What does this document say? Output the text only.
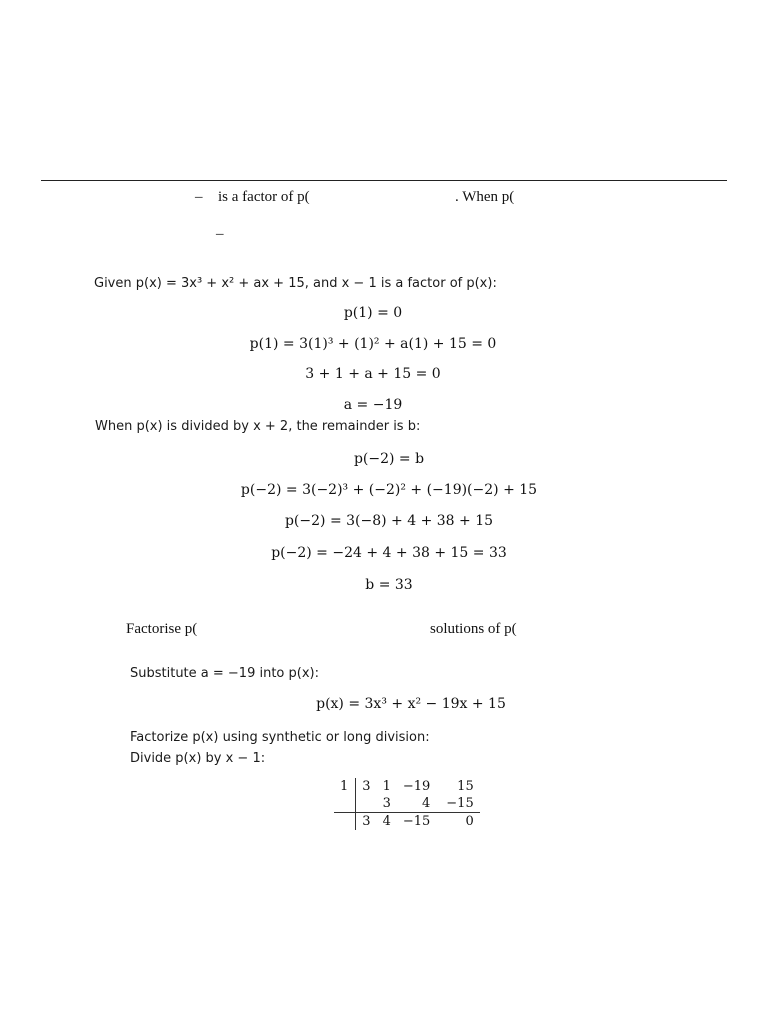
– is a factor of p(	. When p(
–
Given p(x) = 3x³ + x² + ax + 15, and x − 1 is a factor of p(x):
p(1) = 0
p(1) = 3(1)³ + (1)² + a(1) + 15 = 0
3 + 1 + a + 15 = 0
a = −19
When p(x) is divided by x + 2, the remainder is b:
p(−2) = b
p(−2) = 3(−2)³ + (−2)² + (−19)(−2) + 15
p(−2) = 3(−8) + 4 + 38 + 15
p(−2) = −24 + 4 + 38 + 15 = 33
b = 33
Factorise p(	solutions of p(
Substitute a = −19 into p(x):
p(x) = 3x³ + x² − 19x + 15
Factorize p(x) using synthetic or long division:
Divide p(x) by x − 1:
1	3	1	−19	15
		3	4	−15
	3	4	−15	0
